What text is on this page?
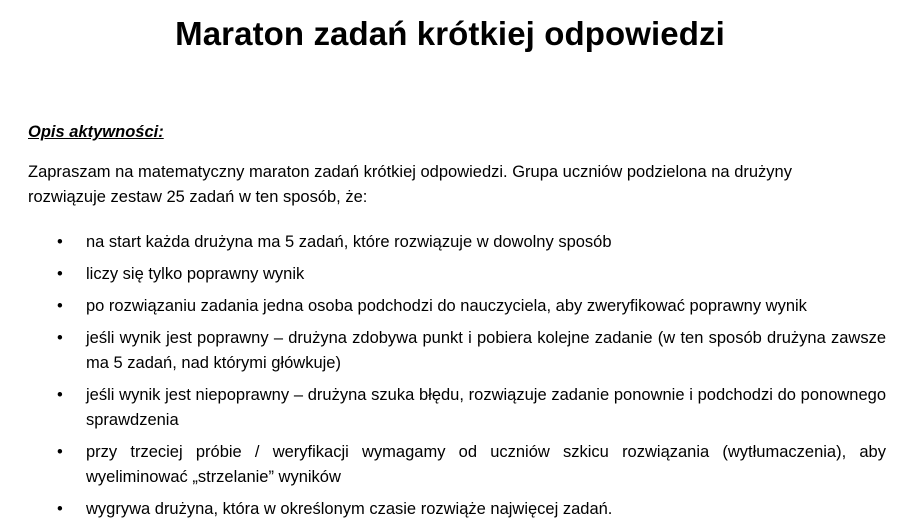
Maraton zadań krótkiej odpowiedzi
Opis aktywności:
Zapraszam na matematyczny maraton zadań krótkiej odpowiedzi. Grupa uczniów podzielona na drużyny rozwiązuje zestaw 25 zadań w ten sposób, że:
• na start każda drużyna ma 5 zadań, które rozwiązuje w dowolny sposób
• liczy się tylko poprawny wynik
• po rozwiązaniu zadania jedna osoba podchodzi do nauczyciela, aby zweryfikować poprawny wynik
• jeśli wynik jest poprawny – drużyna zdobywa punkt i pobiera kolejne zadanie (w ten sposób drużyna zawsze ma 5 zadań, nad którymi główkuje)
• jeśli wynik jest niepoprawny – drużyna szuka błędu, rozwiązuje zadanie ponownie i podchodzi do ponownego sprawdzenia
• przy trzeciej próbie / weryfikacji wymagamy od uczniów szkicu rozwiązania (wytłumaczenia), aby wyeliminować „strzelanie” wyników
• wygrywa drużyna, która w określonym czasie rozwiąże najwięcej zadań.
